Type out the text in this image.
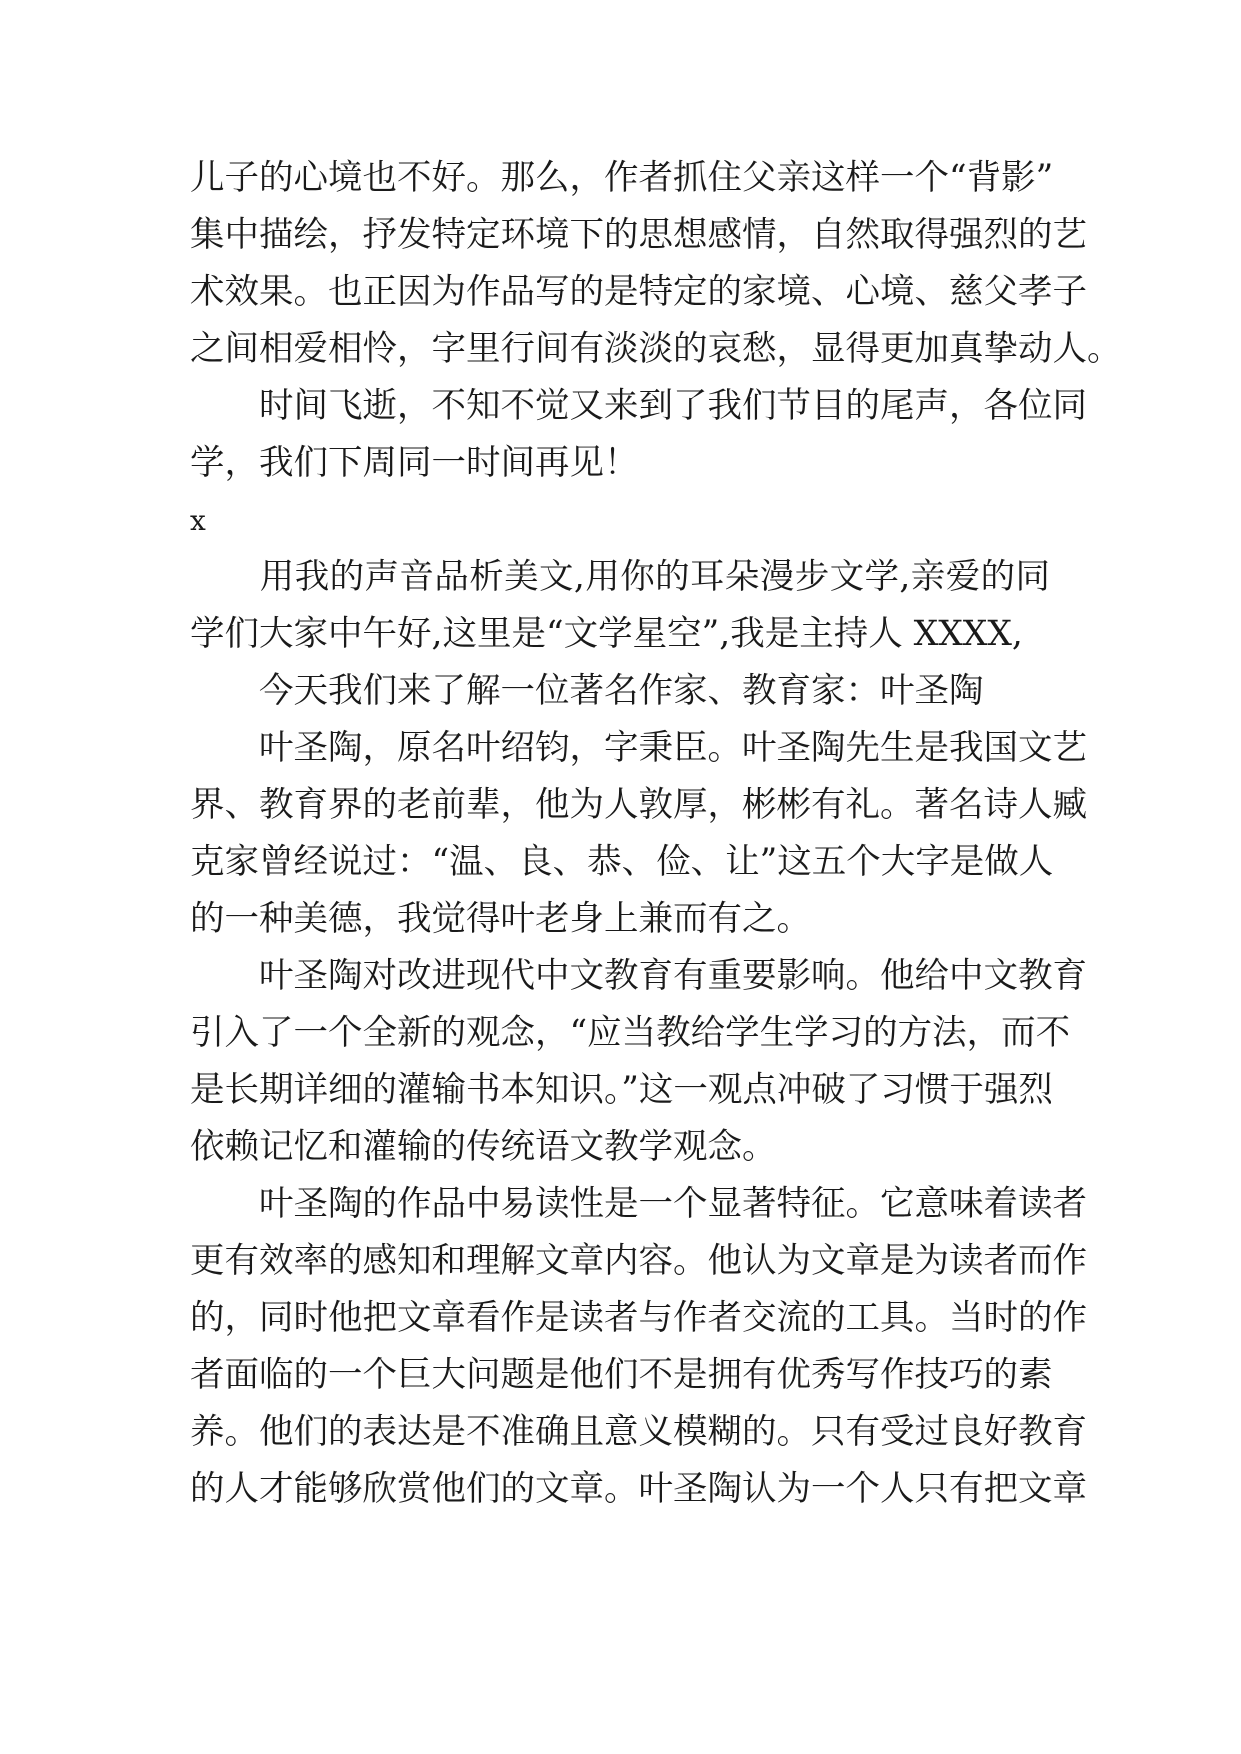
儿子的心境也不好。那么，作者抓住父亲这样一个“背影”
集中描绘，抒发特定环境下的思想感情，自然取得强烈的艺
术效果。也正因为作品写的是特定的家境、心境、慈父孝子
之间相爱相怜，字里行间有淡淡的哀愁，显得更加真挚动人。
　　时间飞逝，不知不觉又来到了我们节目的尾声，各位同
学，我们下周同一时间再见！
x
　　用我的声音品析美文,用你的耳朵漫步文学,亲爱的同
学们大家中午好,这里是“文学星空”,我是主持人 XXXX,
　　今天我们来了解一位著名作家、教育家：叶圣陶
　　叶圣陶，原名叶绍钧，字秉臣。叶圣陶先生是我国文艺
界、教育界的老前辈，他为人敦厚，彬彬有礼。著名诗人臧
克家曾经说过：“温、良、恭、俭、让”这五个大字是做人
的一种美德，我觉得叶老身上兼而有之。
　　叶圣陶对改进现代中文教育有重要影响。他给中文教育
引入了一个全新的观念，“应当教给学生学习的方法，而不
是长期详细的灌输书本知识。”这一观点冲破了习惯于强烈
依赖记忆和灌输的传统语文教学观念。
　　叶圣陶的作品中易读性是一个显著特征。它意味着读者
更有效率的感知和理解文章内容。他认为文章是为读者而作
的，同时他把文章看作是读者与作者交流的工具。当时的作
者面临的一个巨大问题是他们不是拥有优秀写作技巧的素
养。他们的表达是不准确且意义模糊的。只有受过良好教育
的人才能够欣赏他们的文章。叶圣陶认为一个人只有把文章
